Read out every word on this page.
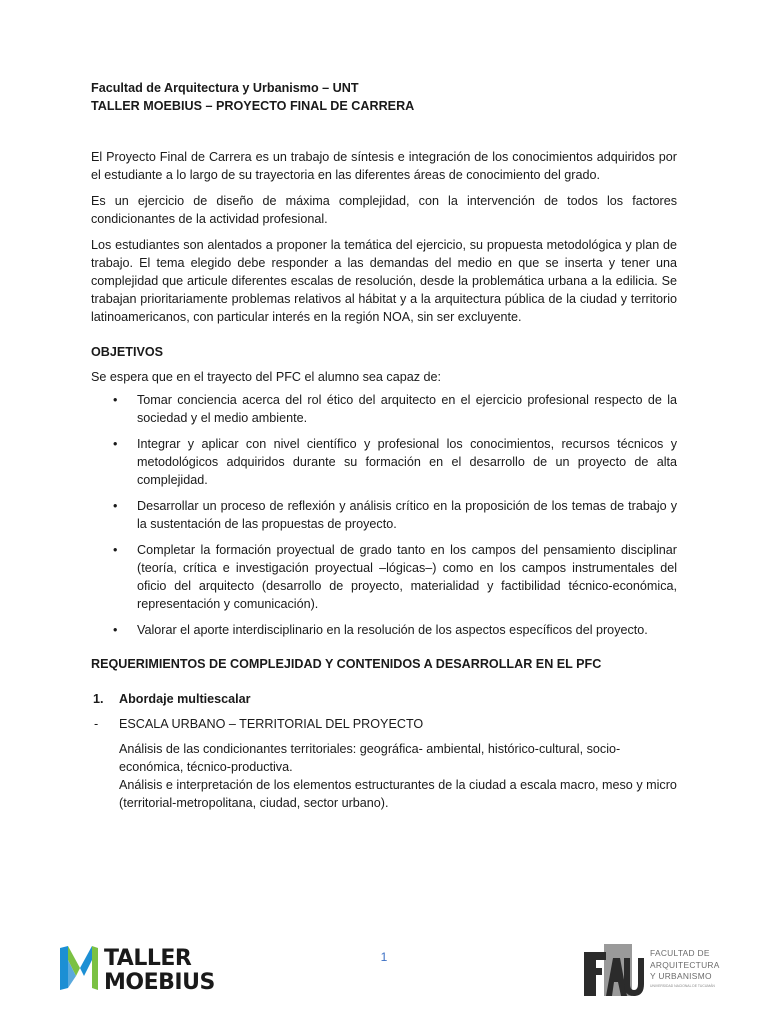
Facultad de Arquitectura y Urbanismo – UNT
TALLER MOEBIUS – PROYECTO FINAL DE CARRERA

El Proyecto Final de Carrera es un trabajo de síntesis e integración de los conocimientos adquiridos por el estudiante a lo largo de su trayectoria en las diferentes áreas de conocimiento del grado.

Es un ejercicio de diseño de máxima complejidad, con la intervención de todos los factores condicionantes de la actividad profesional.

Los estudiantes son alentados a proponer la temática del ejercicio, su propuesta metodológica y plan de trabajo. El tema elegido debe responder a las demandas del medio en que se inserta y tener una complejidad que articule diferentes escalas de resolución, desde la problemática urbana a la edilicia. Se trabajan prioritariamente problemas relativos al hábitat y a la arquitectura pública de la ciudad y territorio latinoamericanos, con particular interés en la región NOA, sin ser excluyente.

OBJETIVOS
Se espera que en el trayecto del PFC el alumno sea capaz de:
• Tomar conciencia acerca del rol ético del arquitecto en el ejercicio profesional respecto de la sociedad y el medio ambiente.
• Integrar y aplicar con nivel científico y profesional los conocimientos, recursos técnicos y metodológicos adquiridos durante su formación en el desarrollo de un proyecto de alta complejidad.
• Desarrollar un proceso de reflexión y análisis crítico en la proposición de los temas de trabajo y la sustentación de las propuestas de proyecto.
• Completar la formación proyectual de grado tanto en los campos del pensamiento disciplinar (teoría, crítica e investigación proyectual –lógicas–) como en los campos instrumentales del oficio del arquitecto (desarrollo de proyecto, materialidad y factibilidad técnico-económica, representación y comunicación).
• Valorar el aporte interdisciplinario en la resolución de los aspectos específicos del proyecto.
REQUERIMIENTOS DE COMPLEJIDAD Y CONTENIDOS A DESARROLLAR EN EL PFC
1. Abordaje multiescalar
- ESCALA URBANO – TERRITORIAL DEL PROYECTO
Análisis de las condicionantes territoriales: geográfica- ambiental, histórico-cultural, socio-económica, técnico-productiva.
Análisis e interpretación de los elementos estructurantes de la ciudad a escala macro, meso y micro (territorial-metropolitana, ciudad, sector urbano).
TALLER
MOEBIUS
1	FACULTAD DE
ARQUITECTURA
Y URBANISMO
UNIVERSIDAD NACIONAL DE TUCUMÁN
